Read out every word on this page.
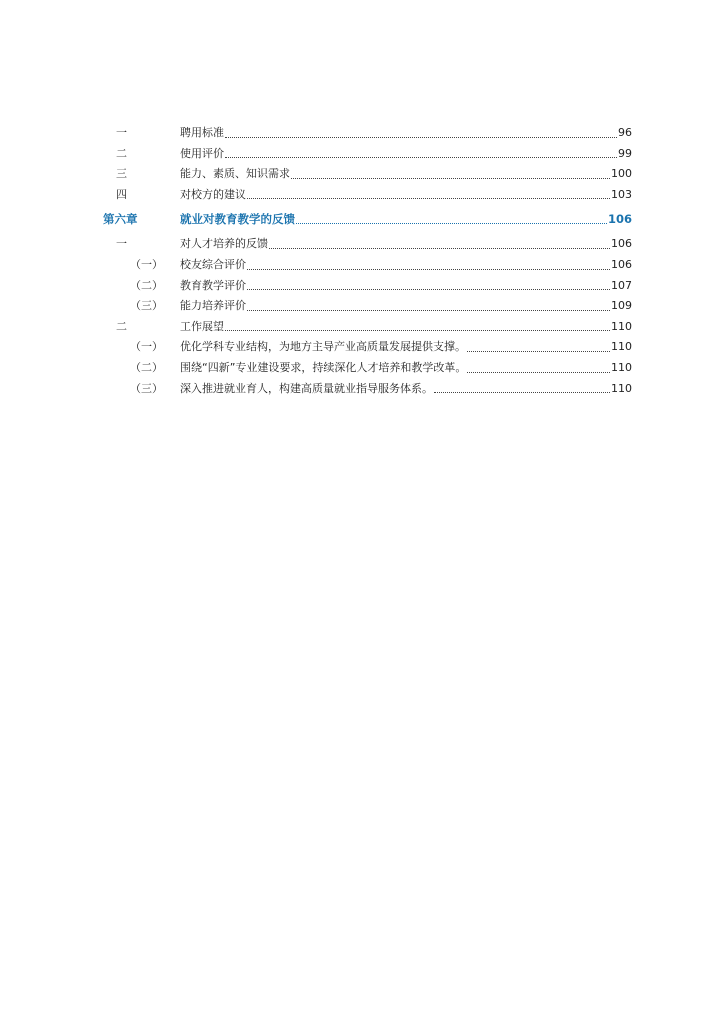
一	聘用标准	96
二	使用评价	99
三	能力、素质、知识需求	100
四	对校方的建议	103
第六章	就业对教育教学的反馈	106
一	对人才培养的反馈	106
（一）	校友综合评价	106
（二）	教育教学评价	107
（三）	能力培养评价	109
二	工作展望	110
（一）	优化学科专业结构，为地方主导产业高质量发展提供支撑。	110
（二）	围绕“四新”专业建设要求，持续深化人才培养和教学改革。	110
（三）	深入推进就业育人，构建高质量就业指导服务体系。	110
